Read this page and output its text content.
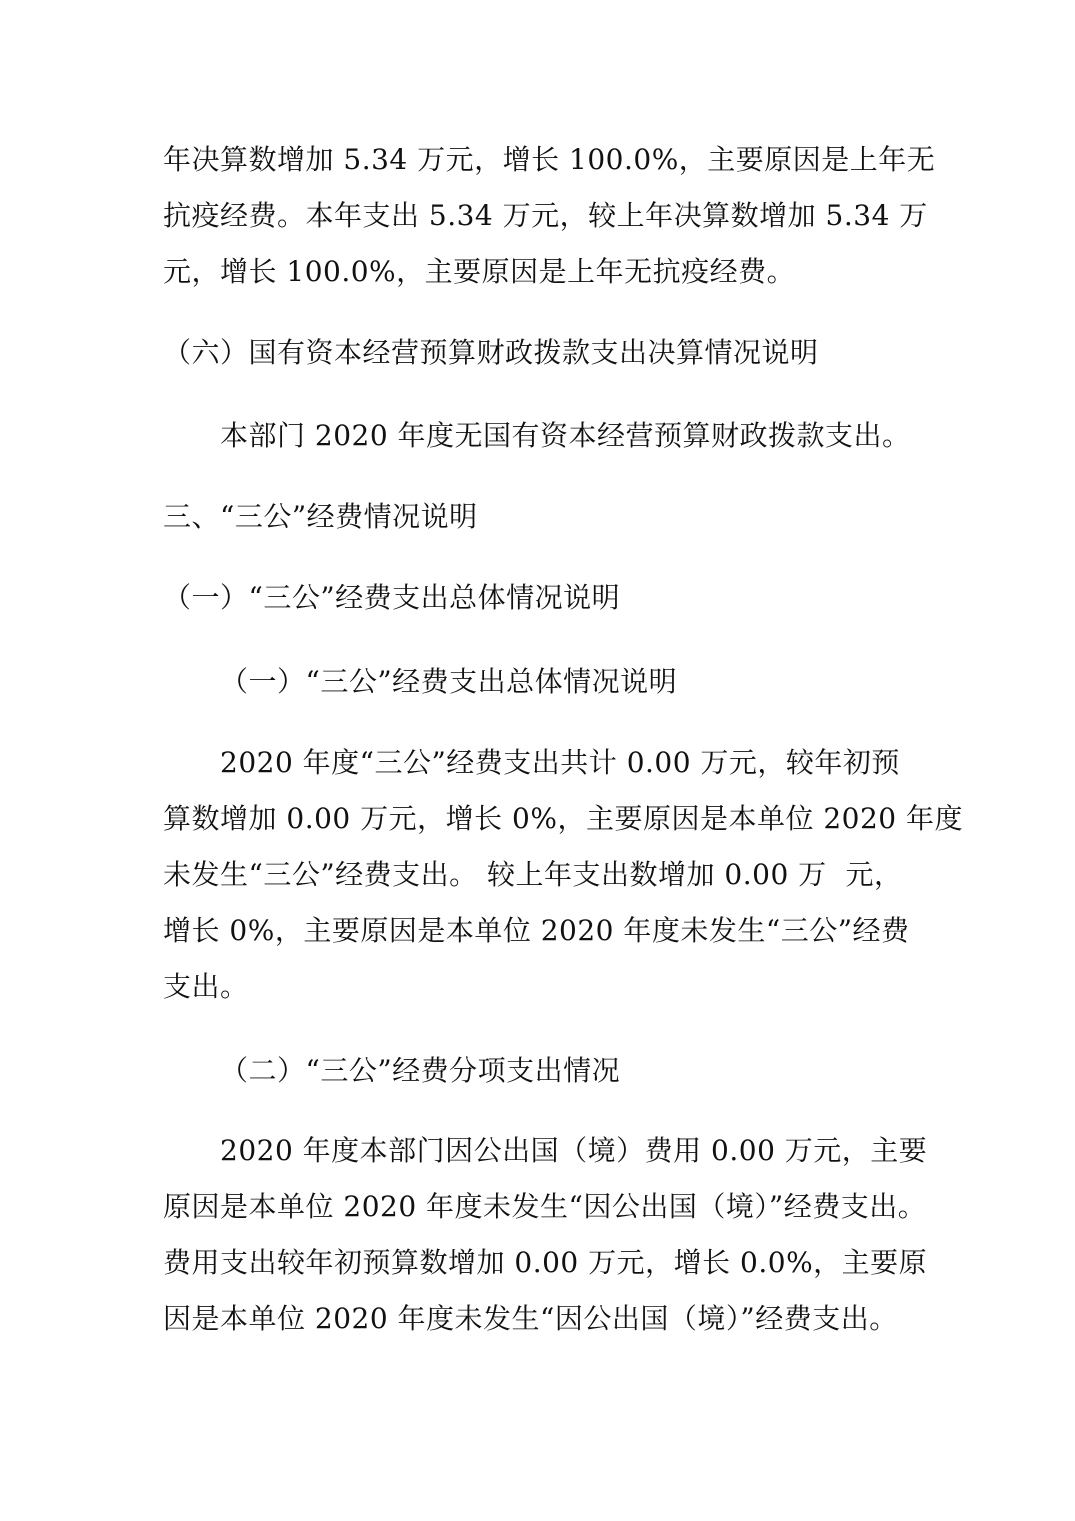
年决算数增加 5.34 万元，增长 100.0%，主要原因是上年无

抗疫经费。本年支出 5.34 万元，较上年决算数增加 5.34 万

元，增长 100.0%，主要原因是上年无抗疫经费。

（六）国有资本经营预算财政拨款支出决算情况说明

本部门 2020 年度无国有资本经营预算财政拨款支出。

三、“三公”经费情况说明

（一）“三公”经费支出总体情况说明

（一）“三公”经费支出总体情况说明

2020 年度“三公”经费支出共计 0.00 万元，较年初预

算数增加 0.00 万元，增长 0%，主要原因是本单位 2020 年度

未发生“三公”经费支出。 较上年支出数增加 0.00 万  元，

增长 0%，主要原因是本单位 2020 年度未发生“三公”经费

支出。

（二）“三公”经费分项支出情况

2020 年度本部门因公出国（境）费用 0.00 万元，主要

原因是本单位 2020 年度未发生“因公出国（境）”经费支出。

费用支出较年初预算数增加 0.00 万元，增长 0.0%，主要原

因是本单位 2020 年度未发生“因公出国（境）”经费支出。
